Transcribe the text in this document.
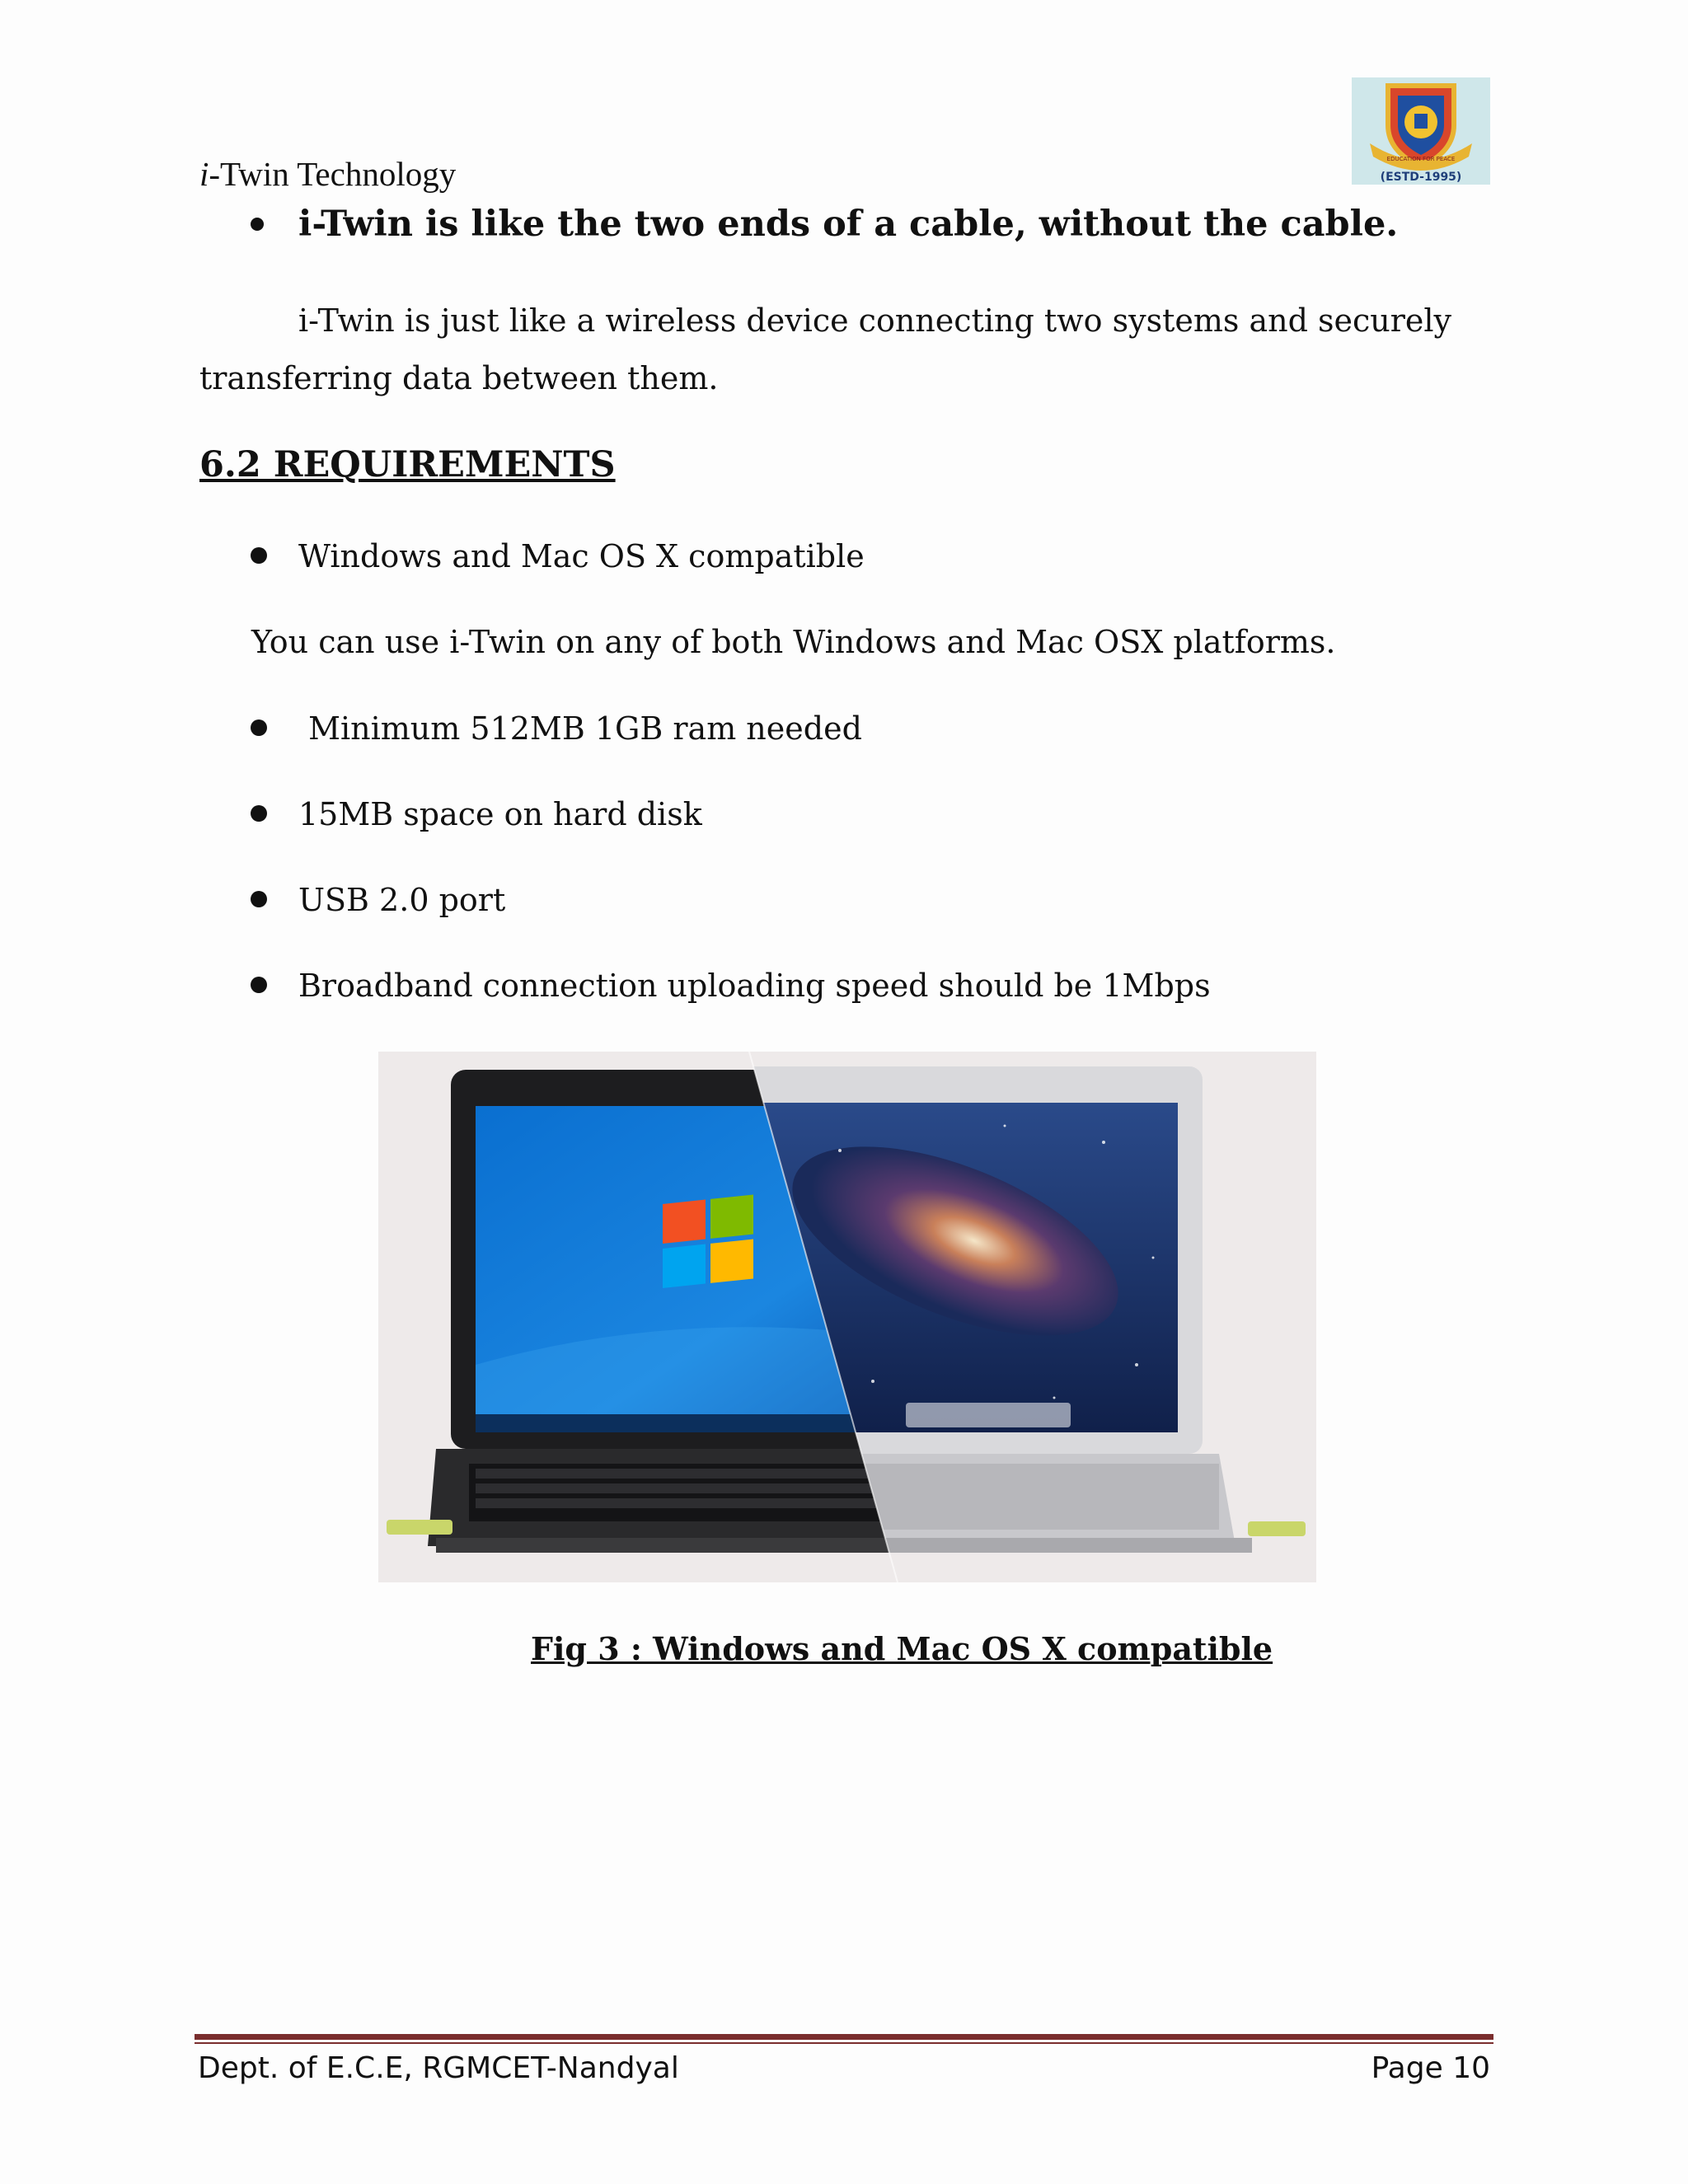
i-Twin Technology	EDUCATION FOR PEACE
(ESTD-1995)
i-Twin is like the two ends of a cable, without the cable.
i-Twin is just like a wireless device connecting two systems and securely transferring data between them.
6.2 REQUIREMENTS
Windows and Mac OS X compatible
You can use i-Twin on any of both Windows and Mac OSX platforms.
Minimum 512MB 1GB ram needed
15MB space on hard disk
USB 2.0 port
Broadband connection uploading speed should be 1Mbps
Fig 3 : Windows and Mac OS X compatible
Dept. of E.C.E, RGMCET-Nandyal	Page 10
